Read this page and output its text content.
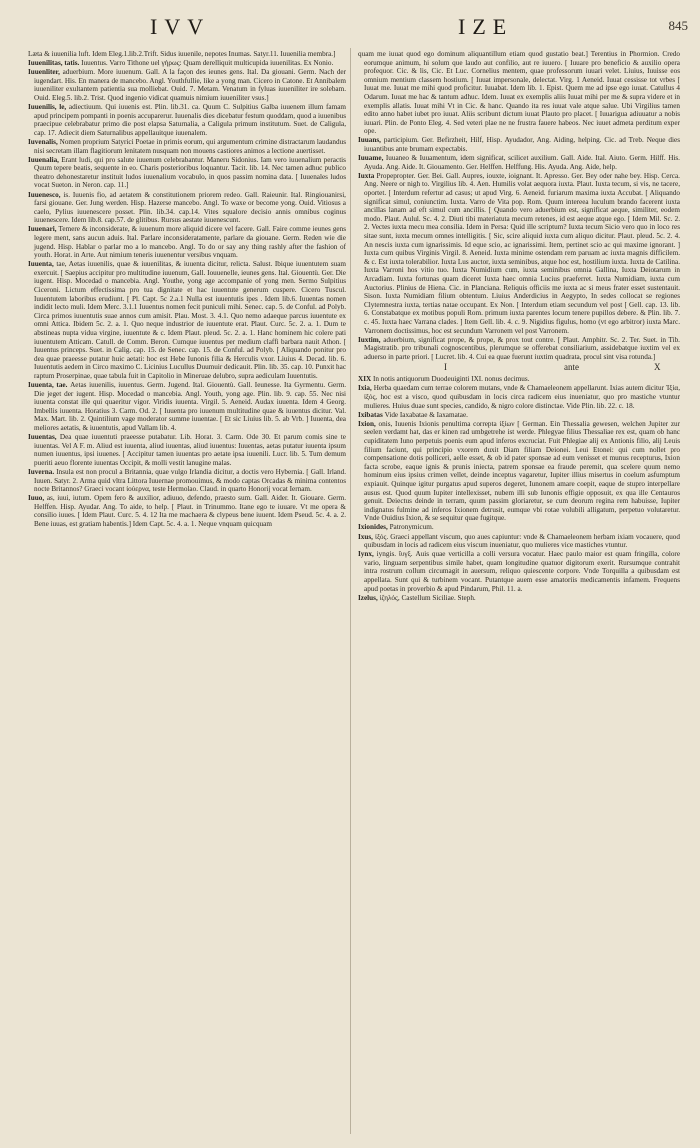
IVV	IZE	845

Læta & iuuenilia luft. Idem Eleg.1.lib.2.Trift. Sidus iuuenile, nepotes Inumas. Satyr.11. Iuuenilia membra.]

Iuuenilitas, tatis. Iuuentus. Varro Tithone uel γήρως: Quam derelliquit multicupida iuuenilitas. Ex Nonio.

Iuuenliter, aduerbium. More iuuenum. Gall. A la façon des ieunes gens. Ital. Da giouani. Germ. Nach der iugendart. His. En manera de mancebo. Angl. Youthfullie, like a yong man. Cicero in Catone. Et Annibalem iuueniliter exultantem patientia sua molliebat. Ouid. 7. Metam. Venatum in fyluas iuueniliter ire solebam. Ouid. Eleg.5. lib.2. Trist. Quod ingenio vidicat quamuis nimium iuueniliter vsus.]

Iuuenilis, le, adiectiuum. Qui iuuenis est. Plin. lib.31. ca. Quum C. Sulpitius Galba iuuenem illum famam apud principem pompanti in poenis accuparerur. Iuuenalis dies dicebatur festum quoddam, quod a iuuenibus praecipue celebrabatur primo die post elapsa Saturnalia, a Caligula primum institutum. Suet. de Caligula, cap. 17. Adiecit diem Saturnalibus appellauitque iuuenalem.

Iuvenalis, Nomen proprium Satyrici Poetae in primis eorum, qui argumentum crimine distractarum laudandus nisi secretam illam flagitiorum lenitatem nusquam non mouens castiores animos a lectione auertisset.

Iuuenalia, Erant ludi, qui pro salute iuuenum celebrabantur. Maneru Sidonius. Iam vero iuuenalium peractis Quum tepere beatis, sequente in eo. Charis posterioribus loquantur. Tacit. lib. 14. Nec tamen adhuc publico theatro dehonestaretur instituit ludos iuuenalium vocabulo, in quos passim nomina data. [ Iuuenales ludos vocat Sueton. in Neron. cap. 11.]

Iuuenesco, is. Iuuenis fio, ad aetatem & constitutionem priorem redeo. Gall. Raieunir. Ital. Ringiouanirsi, farsi giouane. Ger. Jung werden. Hisp. Hazerse mancebo. Angl. To waxe or become yong. Ouid. Vitiosus a caelo, Pylius iuuenescere posset. Plin. lib.34. cap.14. Vites squalore decisio annis omnibus coginus iuuenescere. Idem lib.8. cap.57. de glitibus. Rursus aestate iuuenescunt.

Iuuenari, Temere & inconsiderate, & iuuenum more aliquid dicere vel facere. Gall. Faire comme ieunes gens legere ment, sans aucun aduis. Ital. Parlare inconsideratamente, parlare da giouane. Germ. Reden wie die jugend. Hisp. Hablar o parlar mo a lo mancebo. Angl. To do or say any thing rashly after the fashion of youth. Horat. in Arte. Aut nimium teneris iuuenentur versibus vnquam.

Iuuenta, tae, Aetas iuuenilis, quae & iuuenilitas, & iuuenta dicitur, relicta. Salust. Ibique iuuentutem suam exercuit. [ Saepius accipitur pro multitudine iuuenum, Gall. Iouuenelle, ieunes gens. Ital. Giouentù. Ger. Die iugent. Hisp. Mocedad o mancebia. Angl. Youthe, yong age accompanie of yong men. Sermo Sulpitius Ciceroni. Lictum effectissima pro tua dignitate et hac iuuentute generum cuspere. Cicero Tuscul. Iuuentutem laboribus erudiunt. [ Pl. Capt. 5c 2.a.1 Nulla est iuuentutis ipes . Idem lib.6. Iuuentas nomen indidit lecto muli. Idem Merc. 3.1.1 Iuuentus nomen fecit puniculi mihi. Senec. cap. 5. de Conful. ad Polyb. Circa primos iuuentutis suae annos cum amisit. Plau. Most. 3. 4.1. Quo nemo adaeque parcus iuuentute ex omni Attica. Ibidem 5c. 2. a. 1. Quo neque industrior de iuuentute erat. Plaut. Curc. 5c. 2. a. 1. Dum te abstineas nupta vidua virgine, iuuentute & c. Idem Plaut. pleud. 5c. 2. a. 1. Hanc hominem hic colere pati iuuentutem Atticam. Catull. de Comm. Beron. Cumque iuuentus per medium claffi barbara nauit Athon. [ Iuuentus princeps. Suet. in Calig. cap. 15. de Senec. cap. 15. de Conful. ad Polyb. [ Aliquando ponitur pro dea quae praeesse putatur huic aetati: hoc est Hebe Iunonis filia & Herculis vxor. Liuius 4. Decad. lib. 6. Iuuentutis aedem in Circo maximo C. Licinius Lucullus Duumuir dedicauit. Plin. lib. 35. cap. 10. Punxit hac raptum Proserpinae, quae tabula fuit in Capitolio in Mineruae delubro, supra aediculam Iuuentutis.

Iuuenta, tae. Aetas iuuenilis, iuuentus. Germ. Jugend. Ital. Giouentù. Gall. Ieunesse. Ita Gyrmentu. Germ. Die jeget der iugent. Hisp. Mocedad o mancebia. Angl. Youth, yong age. Plin. lib. 9. cap. 55. Nec nisi iuuenta constat ille qui quaeritur vigor. Viridis iuuenta. Virgil. 5. Aeneid. Audax iuuenta. Idem 4 Georg. Imbellis iuuenta. Horatius 3. Carm. Od. 2. [ Iuuenta pro iuuenum multitudine quae & iuuentus dicitur. Val. Max. Mart. lib. 2. Quintilium vage moderator summe iuuentae. [ Et sic Liuius lib. 5. ab Vrb. ] Iuuenta, dea meliores aetatis, & iuuentutis, apud Vallam lib. 4.

Iuuentas, Dea quae iuuentuti praeesse putabatur. Lib. Horat. 3. Carm. Ode 30. Et parum comis sine te iuuentas. Vel A F. m. Aliud est iuuenta, aliud iuuentas, aliud iuuentus: Iuuentas, aetas putatur iuuenta ipsum numen iuuentus, ipsi iuuenes. [ Accipitur tamen iuuentas pro aetate ipsa iuuenili. Lucr. lib. 5. Tum demum pueriti aeuo florente iuuentas Occipit, & molli vestit lanugine malas.

Iuverna. Insula est non procul a Britannia, quae vulgo Irlandia dicitur, a doctis vero Hybernia. [ Gall. Irland. Iuuen. Satyr. 2. Arma quid vltra Littora Iuuernae promouimus, & modo captas Orcadas & minima contentos nocte Britannos? Graeci vocant ἰούερνα, teste Hermolao. Claud. in quarto Honorij vocat Iernam.

Iuuo, as, iuui, iutum. Opem fero & auxilior, adiuuo, defendo, praesto sum. Gall. Aider. It. Giouare. Germ. Helffen. Hisp. Ayudar. Ang. To aide, to help. [ Plaut. in Trinummo. Itane ego te iuuare. Vt me opera & consilio iuues. [ Idem Plaut. Curc. 5. 4. 12 Ita me machaera & clypeus bene iuuent. Idem Pseud. 5c. 4. a. 2. Bene iuuas, est gratiam habentis.] Idem Capt. 5c. 4. a. 1. Neque vnquam quicquam

quam me iuuat quod ego dominum aliquantillum etiam quod gustatio beat.] Terentius in Phormion. Credo eorumque animum, hi solum que laudo aut confilio, aut re iuuero. [ Iuuare pro beneficio & auxilio opera profequor. Cic. & lis, Cic. Et Luc. Cornelius mentem, quae professorum iuuari velet. Liuius, Iuuisse eos omnium mentium classem hostium. [ Iuuat impersonale, delectat. Virg. 1 Aeneid. Iuuat cessisse tot vrbes [ Iuuat me. Iuuat me mihi quod proficitur. Iuuabat. Idem lib. 1. Epist. Quem me ad ipse ego iuuat. Catullus 4 Odarum. Iuuat me hac & tantum adhuc. Idem. Iuuat ex exemplis aliis Iuuat mihi per me & supra videre et in exemplis allatis. Iuuat mihi Vt in Cic. & hanc. Quando ita res iuuat vale atque salue. Ubi Virgilius tamen edito anno habet iubet pro iuuat. Aliis scribunt dictum iuuat Plauto pro placet. [ Iuuarigua adiuuatur a nobis iuuari. Plin. de Ponto Eleg. 4. Sed veteri plae ne ne frustra fauere habeos. Nec iuuet admeta perditum exper ope.

Iuuans, participium. Ger. Befirzheit, Hilf, Hisp. Ayudador, Ang. Aiding, helping. Cic. ad Treb. Neque dies iuuantibus ante brumam expectabis.

Iuuame, Iuuaneo & Iuuamentum, idem significat, scilicet auxilium. Gall. Aide. Ital. Aiuto. Germ. Hilff. His. Ayuda. Ang. Aide. It. Giouamento. Ger. Helffen. Helffung. His. Ayuda. Ang. Aide, help.

Iuxta Propepropter. Ger. Bei. Gall. Aupres, iouxte, ioignant. It. Apresso. Ger. Bey oder nahe bey. Hisp. Cerca. Ang. Neere or nigh to. Virgilius lib. 4. Aen. Humilis volat aequora iuxta. Plaut. Iuxta tecum, si vis, ne tacere, oportet. [ Interdum refertur ad casus; ut apud Virg. 6. Aeneid. furiarum maxima iuxta Accubat. [ Aliquando significat simul, coniunctim. Iuxta. Varro de Vita pop. Rom. Quum intereea luculum brando facerent iuxta ancillas lanam ad eft simul cum ancillis. [ Quando vero aduerbium est, significat aeque, similiter, eodem modo. Plaut. Aulul. Sc. 4. 2. Diuti tibi materiatuta mecum retenes, id est aeque atque ego. [ Idem Mil. Sc. 2. 2. Vectes iuxta mecu mea consilia. Idem in Persa: Quid ille scriptum? Iuxta tecum Sicio vero quo in loco res sitae sunt, iuxta mecum omnes intelligitis. [ Sic, scire aliquid iuxta cum aliquo dicitur. Plaut. pleud. 5c. 2. 4. An nescis iuxta cum ignarissimis. Id eque scio, ac ignarissimi. Item, pertinet scio ac qui maxime ignorant. ] Iuxta cum quibus Virginis Virgil. 8. Aeneid. Iuxta minime ostendam rem paruam ac iuxta magnis difficilem. & c. Est iuxta tolerabilior. Iuxta Lus auctor, iuxta seminibus, atque hoc est, hostilium iuxta. Iuxta de Catilina. Iuxta Varroni hos vitio tuo. Iuxta Numidium cum, iuxta seminibus omnia Gallina, Iuxta Deiotarum in Arcadiam. Iuxta fortunas quam diceret Iuxta haec omnia Lucius praeferret. Iuxta Numidiam, iuxta cum Auctorius. Plinius de Hiena. Cic. in Planciana. Reliquis officiis me iuxta ac si meus frater esset sustentauit. Sison. Iuxta Numidiam filium obtentum. Liuius Anderdicius in Aegypto, In sedes collocat se regiones Clytemnestra iuxta, tertias natae occupant. Ex Non. [ Interdum etiam secundum vel post [ Gell. cap. 13. lib. 6. Constabatque ex motibus populi Rom. primum iuxta parentes locum tenere pupillos debere. & Plin. lib. 7. c. 45. Iuxta haec Varrana clades. ] Item Gell. lib. 4. c. 9. Nigidius figulus, homo (vt ego arbitror) iuxta Marc. Varronem doctissimus, hoc est secundum Varronem vel post Varronem.

Iuxtim, aduerbium, significat prope, & prope, & prox tout contre. [ Plaut. Amphitr. Sc. 2. Ter. Suet. in Tib. Magistratib. pro tribunali cognoscentibus, plerumque se offerebat consiliarium, assidebatque iuxtim vel ex aduerso in parte priori. [ Lucret. lib. 4. Cui ea quae fuerunt iuxtim quadrata, procul sint visa rotunda.]

I	ante	X

XIX In notis antiquorum Duodeuiginti IXI. nonus decimus.

Ixia, Herba quaedam cum terrae colorem mutans, vnde & Chamaeleonem appellarunt. Ixias autem dicitur Ἰξία, ἰξός, hoc est a visco, quod quibusdam in locis circa radicem eius inueniatur, quo pro mastiche vtuntur mulieres. Huius duae sunt species, candido, & nigro colore distinctae. Vide Plin. lib. 22. c. 18.

Ixibatas Vide Iaxabatae & Iaxamatae.

Ixion, onis, Iuuenis Ixionis penultima correpta ἰξίων [ German. Ein Thessalia gewesen, welchen Jupiter zur seelen verdamt hat, das er kinen rad umbgetrehe ist werde. Phlegyae filius Thessaliae rex est, quam ob hanc cupiditatem Iuno perpetuis poenis eum apud inferos excruciat. Fuit Phlegiae alij ex Antionis filio, alij Leuis filium faciunt, qui principio vxorem duxit Diam filiam Deionei. Leui Etonei: qui cum nollet pro compensatione dotis polliceri, aelle esset, & ob id pater sponsae ad eum venisset et munus recepturus, Ixion facta scrobe, eaque ignis & prunis iniecta, patrem sponsae ea fraude peremit, qua scelere quum nemo hominum eius ipsius crimen vellet, deinde inceptus vagaretur, Iupiter illius misertus in coelum asfumptum expiauit. Quinque igitur purgatus apud superos degeret, Iunonem amare coepit, eaque de stupro interpellare ausus est. Quod quum Iupiter intellexisset, nubem illi sub Iunonis effigie opposuit, ex qua ille Centauros genuit. Deiectus deinde in terram, quum passim gloriaretur, se cum deorum regina rem habuisse, Iupiter indignatus fulmine ad inferos Ixionem detrusit, eumque vbi rotae volubili alligatum, perpetuo volutaretur. Vnde Ouidius Ixion, & se sequitur quae fugitque.

Ixionides, Patronymicum.

Ixus, ἰξός. Graeci appellant viscum, quo aues capiuntur: vnde & Chamaeleonem herbam ixiam vocauere, quod quibusdam in locis ad radicem eius viscum inueniatur, quo mulieres vice mastiches vtuntur.

Iynx, iyngis. ἴυγξ. Auis quae verticilla a colli versura vocatur. Haec paulo maior est quam fringilla, colore vario, linguam serpentibus simile habet, quam longitudine quatuor digitorum exerit. Rursumque contrahit intra rostrum collum circumagit in auersum, reliquo quiescente corpore. Vnde Torquilla a quibusdam est appellata. Sunt qui & turbinem vocant. Putantque auem esse amatoriis medicamentis infamem. Frequens apud poetas in proverbio & apud Pindarum, Phil. 11. a.

Izelus, ἰζηλός, Castellum Siciliae. Steph.
